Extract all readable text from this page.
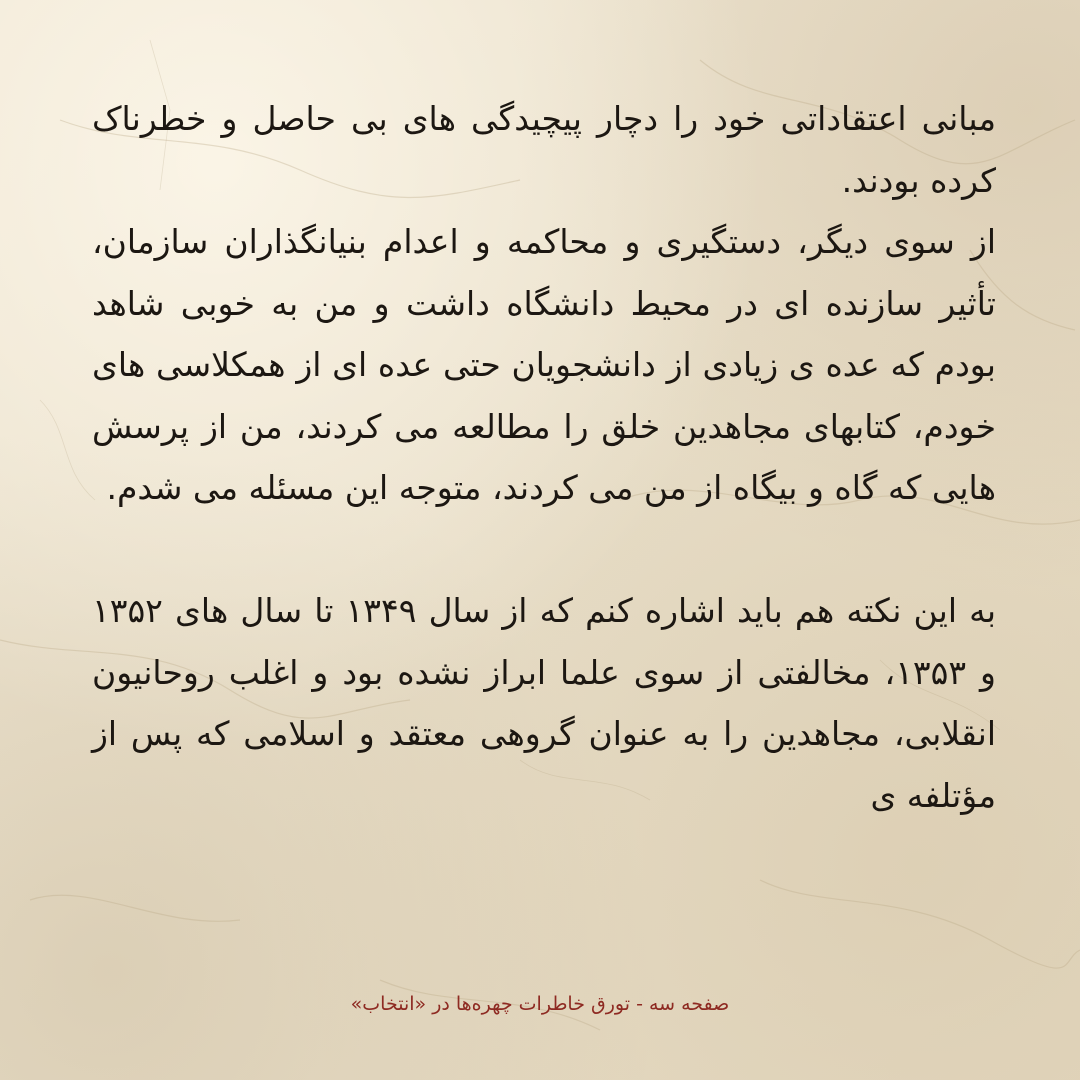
مبانی اعتقاداتی خود را دچار پیچیدگی های بی حاصل و خطرناک کرده بودند.

از سوی دیگر، دستگیری و محاکمه و اعدام بنیانگذاران سازمان، تأثیر سازنده ای در محیط دانشگاه داشت و من به خوبی شاهد بودم که عده ی زیادی از دانشجویان حتی عده ای از همکلاسی های خودم، کتابهای مجاهدین خلق را مطالعه می کردند، من از پرسش هایی که گاه و بیگاه از من می کردند، متوجه این مسئله می شدم.

به این نکته هم باید اشاره کنم که از سال ۱۳۴۹ تا سال های ۱۳۵۲ و ۱۳۵۳، مخالفتی از سوی علما ابراز نشده بود و اغلب روحانیون انقلابی، مجاهدین را به عنوان گروهی معتقد و اسلامی که پس از مؤتلفه ی

صفحه سه - تورق خاطرات چهره‌ها در «انتخاب»
